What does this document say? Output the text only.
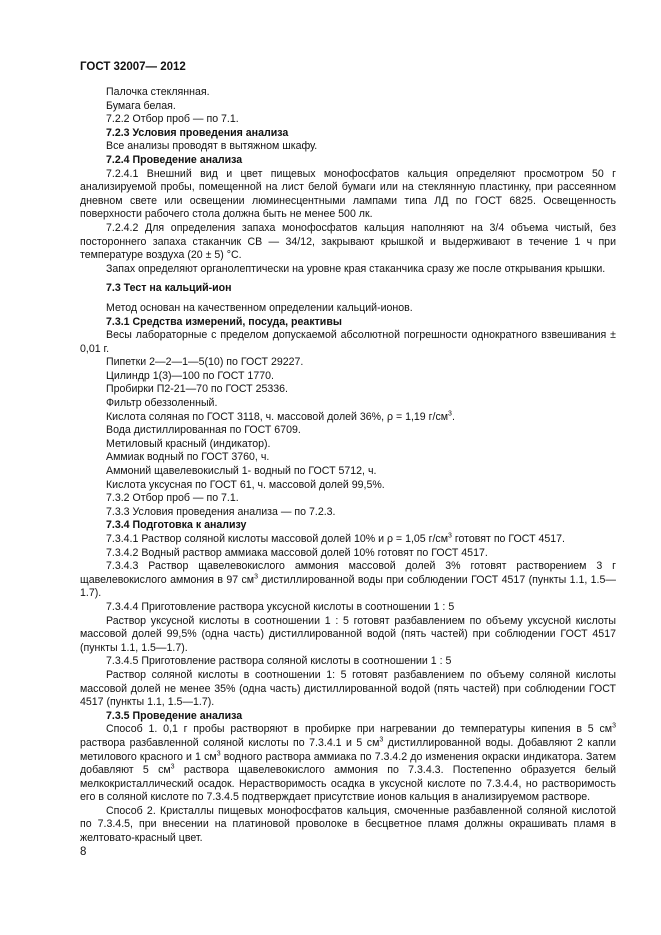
ГОСТ 32007— 2012

Палочка стеклянная.

Бумага белая.

7.2.2 Отбор проб — по 7.1.

7.2.3 Условия проведения анализа

Все анализы проводят в вытяжном шкафу.

7.2.4 Проведение анализа

7.2.4.1 Внешний вид и цвет пищевых монофосфатов кальция определяют просмотром 50 г анализируемой пробы, помещенной на лист белой бумаги или на стеклянную пластинку, при рассеянном дневном свете или освещении люминесцентными лампами типа ЛД по ГОСТ 6825. Освещенность поверхности рабочего стола должна быть не менее 500 лк.

7.2.4.2 Для определения запаха монофосфатов кальция наполняют на 3/4 объема чистый, без постороннего запаха стаканчик СВ — 34/12, закрывают крышкой и выдерживают в течение 1 ч при температуре воздуха (20 ± 5) °С.

Запах определяют органолептически на уровне края стаканчика сразу же после открывания крышки.

7.3 Тест на кальций-ион

Метод основан на качественном определении кальций-ионов.

7.3.1 Средства измерений, посуда, реактивы

Весы лабораторные с пределом допускаемой абсолютной погрешности однократного взвешивания ± 0,01 г.

Пипетки 2—2—1—5(10) по ГОСТ 29227.

Цилиндр 1(3)—100 по ГОСТ 1770.

Пробирки П2-21—70 по ГОСТ 25336.

Фильтр обеззоленный.

Кислота соляная по ГОСТ 3118, ч. массовой долей 36%, ρ = 1,19 $г/см^3$.

Вода дистиллированная по ГОСТ 6709.

Метиловый красный (индикатор).

Аммиак водный по ГОСТ 3760, ч.

Аммоний щавелевокислый 1- водный по ГОСТ 5712, ч.

Кислота уксусная по ГОСТ 61, ч. массовой долей 99,5%.

7.3.2 Отбор проб — по 7.1.

7.3.3 Условия проведения анализа — по 7.2.3.

7.3.4 Подготовка к анализу

7.3.4.1 Раствор соляной кислоты массовой долей 10% и ρ = 1,05 $г/см^3$ готовят по ГОСТ 4517.

7.3.4.2 Водный раствор аммиака массовой долей 10% готовят по ГОСТ 4517.

7.3.4.3 Раствор щавелевокислого аммония массовой долей 3% готовят растворением 3 г щавелевокислого аммония в 97 $см^3$ дистиллированной воды при соблюдении ГОСТ 4517 (пункты 1.1, 1.5—1.7).

7.3.4.4 Приготовление раствора уксусной кислоты в соотношении 1 : 5

Раствор уксусной кислоты в соотношении 1 : 5 готовят разбавлением по объему уксусной кислоты массовой долей 99,5% (одна часть) дистиллированной водой (пять частей) при соблюдении ГОСТ 4517 (пункты 1.1, 1.5—1.7).

7.3.4.5 Приготовление раствора соляной кислоты в соотношении 1 : 5

Раствор соляной кислоты в соотношении 1: 5 готовят разбавлением по объему соляной кислоты массовой долей не менее 35% (одна часть) дистиллированной водой (пять частей) при соблюдении ГОСТ 4517 (пункты 1.1, 1.5—1.7).

7.3.5 Проведение анализа

Способ 1. 0,1 г пробы растворяют в пробирке при нагревании до температуры кипения в 5 $см^3$ раствора разбавленной соляной кислоты по 7.3.4.1 и 5 $см^3$ дистиллированной воды. Добавляют 2 капли метилового красного и 1 $см^3$ водного раствора аммиака по 7.3.4.2 до изменения окраски индикатора. Затем добавляют 5 $см^3$ раствора щавелевокислого аммония по 7.3.4.3. Постепенно образуется белый мелкокристаллический осадок. Нерастворимость осадка в уксусной кислоте по 7.3.4.4, но растворимость его в соляной кислоте по 7.3.4.5 подтверждает присутствие ионов кальция в анализируемом растворе.

Способ 2. Кристаллы пищевых монофосфатов кальция, смоченные разбавленной соляной кислотой по 7.3.4.5, при внесении на платиновой проволоке в бесцветное пламя должны окрашивать пламя в желтовато-красный цвет.

8
